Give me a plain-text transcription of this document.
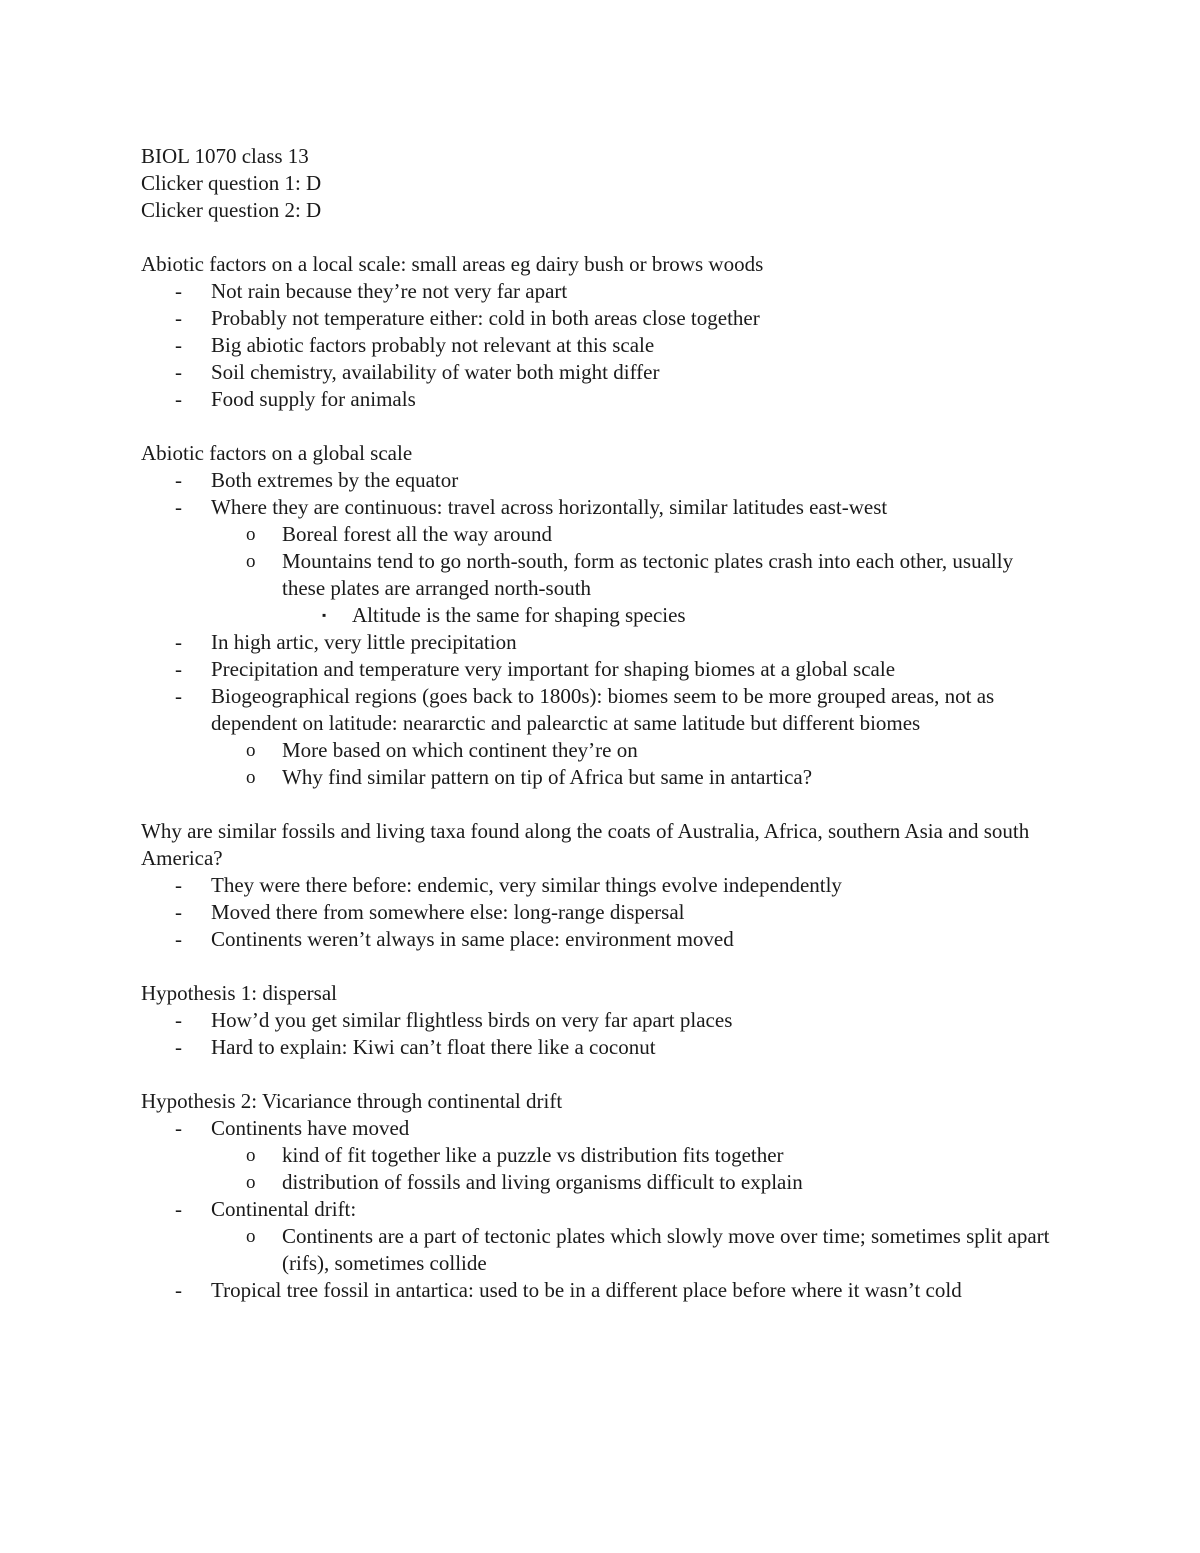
BIOL 1070 class 13

Clicker question 1: D

Clicker question 2: D

Abiotic factors on a local scale: small areas eg dairy bush or brows woods

- Not rain because they’re not very far apart
- Probably not temperature either: cold in both areas close together
- Big abiotic factors probably not relevant at this scale
- Soil chemistry, availability of water both might differ
- Food supply for animals

Abiotic factors on a global scale

- Both extremes by the equator
- Where they are continuous: travel across horizontally, similar latitudes east-west
o Boreal forest all the way around
o Mountains tend to go north-south, form as tectonic plates crash into each other, usually these plates are arranged north-south
▪ Altitude is the same for shaping species
- In high artic, very little precipitation
- Precipitation and temperature very important for shaping biomes at a global scale
- Biogeographical regions (goes back to 1800s): biomes seem to be more grouped areas, not as dependent on latitude: neararctic and palearctic at same latitude but different biomes
o More based on which continent they’re on
o Why find similar pattern on tip of Africa but same in antartica?

Why are similar fossils and living taxa found along the coats of Australia, Africa, southern Asia and south America?

- They were there before: endemic, very similar things evolve independently
- Moved there from somewhere else: long-range dispersal
- Continents weren’t always in same place: environment moved

Hypothesis 1: dispersal

- How’d you get similar flightless birds on very far apart places
- Hard to explain: Kiwi can’t float there like a coconut

Hypothesis 2: Vicariance through continental drift

- Continents have moved
o kind of fit together like a puzzle vs distribution fits together
o distribution of fossils and living organisms difficult to explain
- Continental drift:
o Continents are a part of tectonic plates which slowly move over time; sometimes split apart (rifs), sometimes collide
- Tropical tree fossil in antartica: used to be in a different place before where it wasn’t cold
